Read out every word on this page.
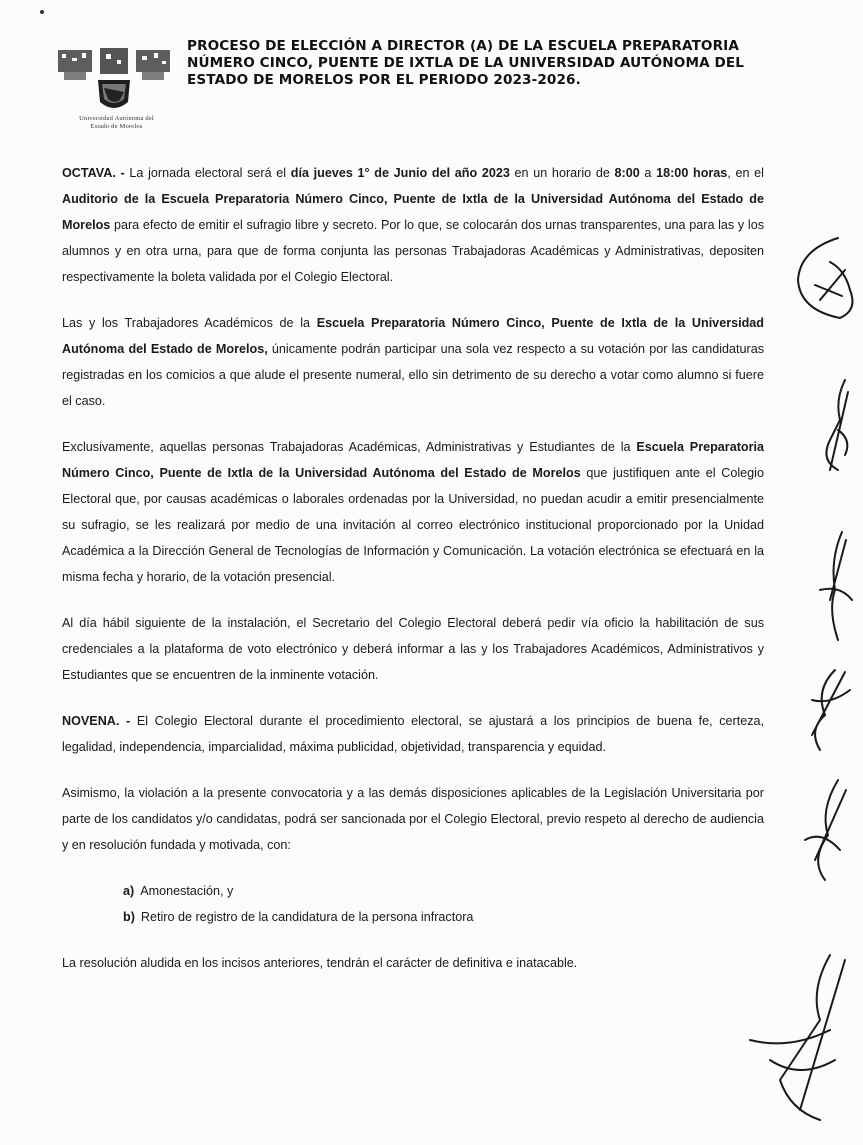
Universidad Autónoma del
Estado de Morelos
PROCESO DE ELECCIÓN A DIRECTOR (A) DE LA ESCUELA PREPARATORIA NÚMERO CINCO, PUENTE DE IXTLA DE LA UNIVERSIDAD AUTÓNOMA DEL ESTADO DE MORELOS POR EL PERIODO 2023-2026.

OCTAVA. - La jornada electoral será el día jueves 1° de Junio del año 2023 en un horario de 8:00 a 18:00 horas, en el Auditorio de la Escuela Preparatoria Número Cinco, Puente de Ixtla de la Universidad Autónoma del Estado de Morelos para efecto de emitir el sufragio libre y secreto. Por lo que, se colocarán dos urnas transparentes, una para las y los alumnos y en otra urna, para que de forma conjunta las personas Trabajadoras Académicas y Administrativas, depositen respectivamente la boleta validada por el Colegio Electoral.

Las y los Trabajadores Académicos de la Escuela Preparatoria Número Cinco, Puente de Ixtla de la Universidad Autónoma del Estado de Morelos, únicamente podrán participar una sola vez respecto a su votación por las candidaturas registradas en los comicios a que alude el presente numeral, ello sin detrimento de su derecho a votar como alumno si fuere el caso.

Exclusivamente, aquellas personas Trabajadoras Académicas, Administrativas y Estudiantes de la Escuela Preparatoria Número Cinco, Puente de Ixtla de la Universidad Autónoma del Estado de Morelos que justifiquen ante el Colegio Electoral que, por causas académicas o laborales ordenadas por la Universidad, no puedan acudir a emitir presencialmente su sufragio, se les realizará por medio de una invitación al correo electrónico institucional proporcionado por la Unidad Académica a la Dirección General de Tecnologías de Información y Comunicación. La votación electrónica se efectuará en la misma fecha y horario, de la votación presencial.

Al día hábil siguiente de la instalación, el Secretario del Colegio Electoral deberá pedir vía oficio la habilitación de sus credenciales a la plataforma de voto electrónico y deberá informar a las y los Trabajadores Académicos, Administrativos y Estudiantes que se encuentren de la inminente votación.

NOVENA. - El Colegio Electoral durante el procedimiento electoral, se ajustará a los principios de buena fe, certeza, legalidad, independencia, imparcialidad, máxima publicidad, objetividad, transparencia y equidad.

Asimismo, la violación a la presente convocatoria y a las demás disposiciones aplicables de la Legislación Universitaria por parte de los candidatos y/o candidatas, podrá ser sancionada por el Colegio Electoral, previo respeto al derecho de audiencia y en resolución fundada y motivada, con:

a) Amonestación, y
b) Retiro de registro de la candidatura de la persona infractora

La resolución aludida en los incisos anteriores, tendrán el carácter de definitiva e inatacable.
